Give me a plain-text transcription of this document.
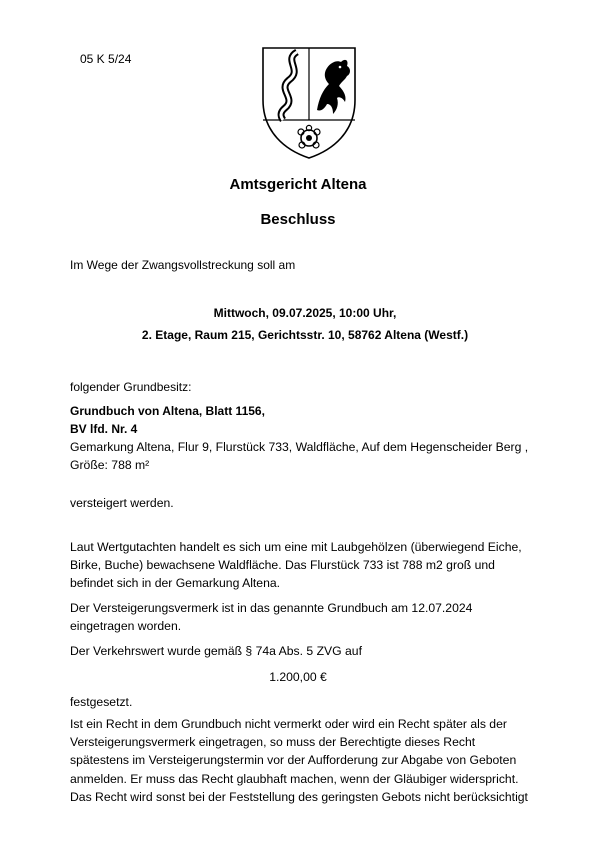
05 K 5/24
Amtsgericht Altena
Beschluss
Im Wege der Zwangsvollstreckung soll am
Mittwoch, 09.07.2025, 10:00 Uhr,
2. Etage, Raum 215, Gerichtsstr. 10, 58762 Altena (Westf.)
folgender Grundbesitz:
Grundbuch von Altena, Blatt 1156,
BV lfd. Nr. 4
Gemarkung Altena, Flur 9, Flurstück 733, Waldfläche, Auf dem Hegenscheider Berg ,
Größe: 788 m²
versteigert werden.
Laut Wertgutachten handelt es sich um eine mit Laubgehölzen (überwiegend Eiche,
Birke, Buche) bewachsene Waldfläche. Das Flurstück 733 ist 788 m2 groß und
befindet sich in der Gemarkung Altena.
Der Versteigerungsvermerk ist in das genannte Grundbuch am 12.07.2024
eingetragen worden.
Der Verkehrswert wurde gemäß § 74a Abs. 5 ZVG auf
1.200,00 €
festgesetzt.
Ist ein Recht in dem Grundbuch nicht vermerkt oder wird ein Recht später als der
Versteigerungsvermerk eingetragen, so muss der Berechtigte dieses Recht
spätestens im Versteigerungstermin vor der Aufforderung zur Abgabe von Geboten
anmelden. Er muss das Recht glaubhaft machen, wenn der Gläubiger widerspricht.
Das Recht wird sonst bei der Feststellung des geringsten Gebots nicht berücksichtigt
